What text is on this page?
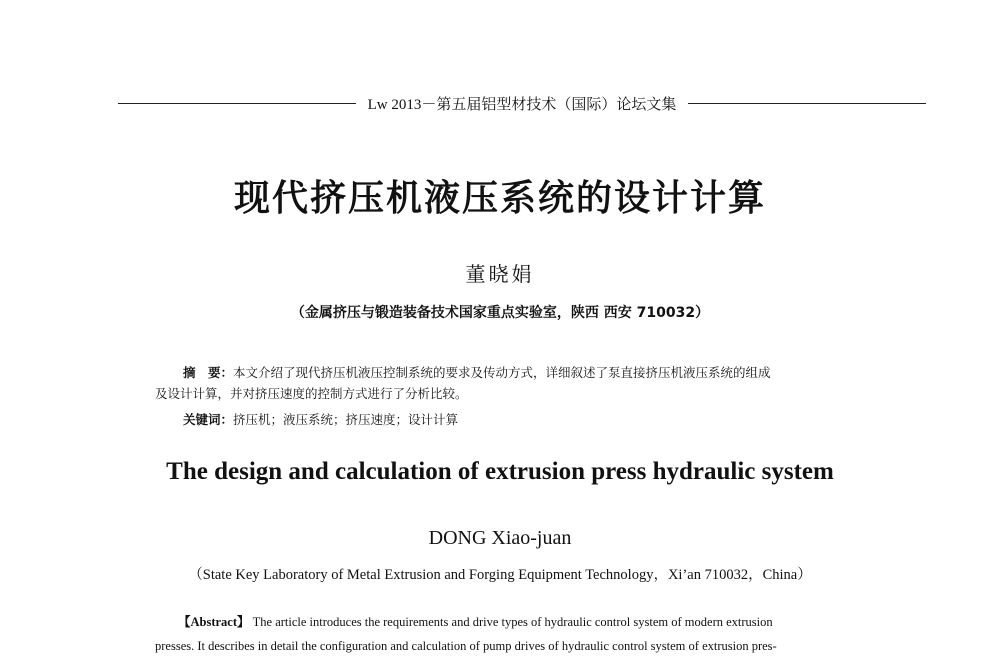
Lw 2013－第五届铝型材技术（国际）论坛文集
现代挤压机液压系统的设计计算
董晓娟
（金属挤压与锻造装备技术国家重点实验室，陕西 西安 710032）
摘　要：本文介绍了现代挤压机液压控制系统的要求及传动方式，详细叙述了泵直接挤压机液压系统的组成
及设计计算，并对挤压速度的控制方式进行了分析比较。
关键词：挤压机；液压系统；挤压速度；设计计算
The design and calculation of extrusion press hydraulic system
DONG Xiao-juan
（State Key Laboratory of Metal Extrusion and Forging Equipment Technology，Xi’an 710032，China）
【Abstract】 The article introduces the requirements and drive types of hydraulic control system of modern extrusion
presses. It describes in detail the configuration and calculation of pump drives of hydraulic control system of extrusion pres-
